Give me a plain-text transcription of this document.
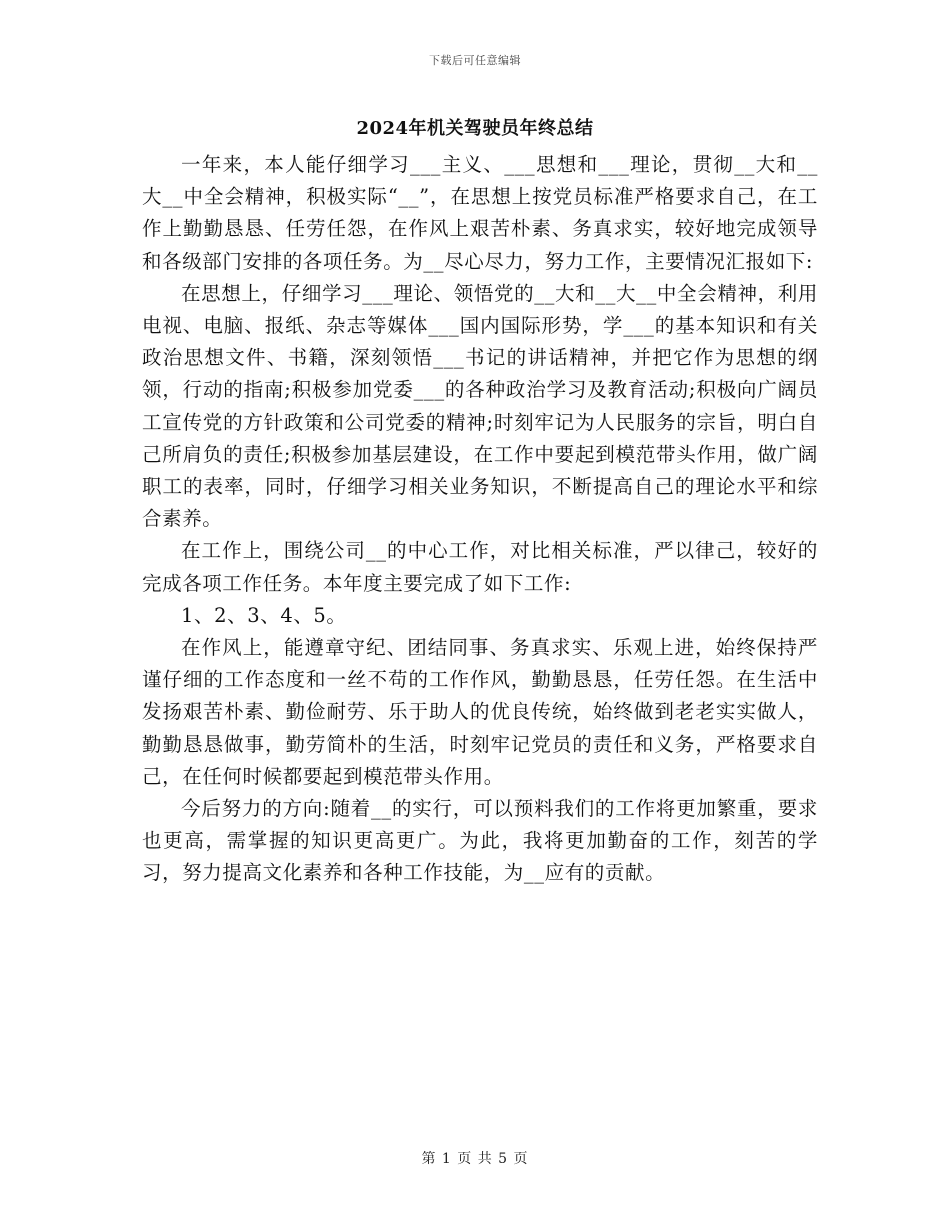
下载后可任意编辑
2024年机关驾驶员年终总结

一年来，本人能仔细学习___主义、___思想和___理论，贯彻__大和__大__中全会精神，积极实际“__”，在思想上按党员标准严格要求自己，在工作上勤勤恳恳、任劳任怨，在作风上艰苦朴素、务真求实，较好地完成领导和各级部门安排的各项任务。为__尽心尽力，努力工作，主要情况汇报如下:

在思想上，仔细学习___理论、领悟党的__大和__大__中全会精神，利用电视、电脑、报纸、杂志等媒体___国内国际形势，学___的基本知识和有关政治思想文件、书籍，深刻领悟___书记的讲话精神，并把它作为思想的纲领，行动的指南;积极参加党委___的各种政治学习及教育活动;积极向广阔员工宣传党的方针政策和公司党委的精神;时刻牢记为人民服务的宗旨，明白自己所肩负的责任;积极参加基层建设，在工作中要起到模范带头作用，做广阔职工的表率，同时，仔细学习相关业务知识，不断提高自己的理论水平和综合素养。

在工作上，围绕公司__的中心工作，对比相关标准，严以律己，较好的完成各项工作任务。本年度主要完成了如下工作:

1、2、3、4、5。

在作风上，能遵章守纪、团结同事、务真求实、乐观上进，始终保持严谨仔细的工作态度和一丝不苟的工作作风，勤勤恳恳，任劳任怨。在生活中发扬艰苦朴素、勤俭耐劳、乐于助人的优良传统，始终做到老老实实做人，勤勤恳恳做事，勤劳简朴的生活，时刻牢记党员的责任和义务，严格要求自己，在任何时候都要起到模范带头作用。

今后努力的方向:随着__的实行，可以预料我们的工作将更加繁重，要求也更高，需掌握的知识更高更广。为此，我将更加勤奋的工作，刻苦的学习，努力提高文化素养和各种工作技能，为__应有的贡献。

第 1 页 共 5 页
